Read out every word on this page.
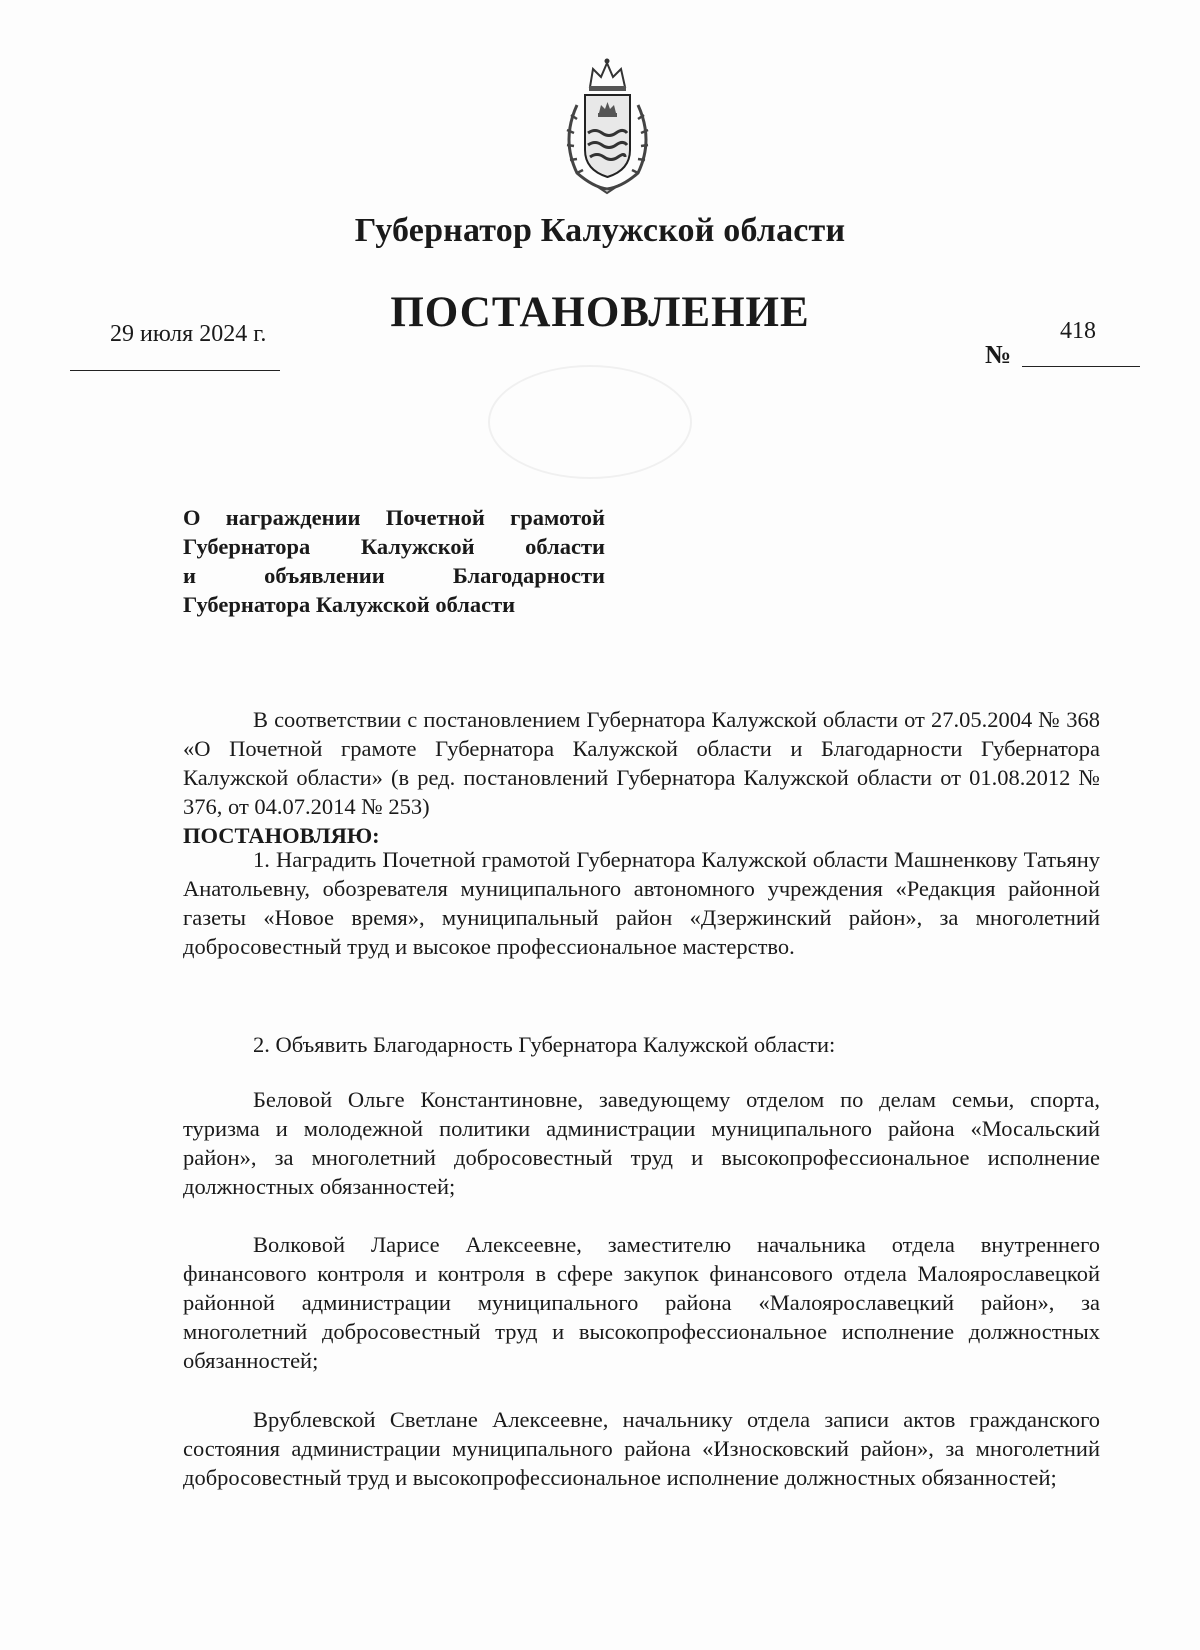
Губернатор Калужской области
ПОСТАНОВЛЕНИЕ
29 июля 2024 г.
№
418
О награждении Почетной грамотой
Губернатора Калужской области
и объявлении Благодарности
Губернатора Калужской области

В соответствии с постановлением Губернатора Калужской области от 27.05.2004 № 368 «О Почетной грамоте Губернатора Калужской области и Благодарности Губернатора Калужской области» (в ред. постановлений Губернатора Калужской области от 01.08.2012 № 376, от 04.07.2014 № 253)

ПОСТАНОВЛЯЮ:

1. Наградить Почетной грамотой Губернатора Калужской области Машненкову Татьяну Анатольевну, обозревателя муниципального автономного учреждения «Редакция районной газеты «Новое время», муниципальный район «Дзержинский район», за многолетний добросовестный труд и высокое профессиональное мастерство.

2. Объявить Благодарность Губернатора Калужской области:

Беловой Ольге Константиновне, заведующему отделом по делам семьи, спорта, туризма и молодежной политики администрации муниципального района «Мосальский район», за многолетний добросовестный труд и высокопрофессиональное исполнение должностных обязанностей;

Волковой Ларисе Алексеевне, заместителю начальника отдела внутреннего финансового контроля и контроля в сфере закупок финансового отдела Малоярославецкой районной администрации муниципального района «Малоярославецкий район», за многолетний добросовестный труд и высокопрофессиональное исполнение должностных обязанностей;

Врублевской Светлане Алексеевне, начальнику отдела записи актов гражданского состояния администрации муниципального района «Износковский район», за многолетний добросовестный труд и высокопрофессиональное исполнение должностных обязанностей;
